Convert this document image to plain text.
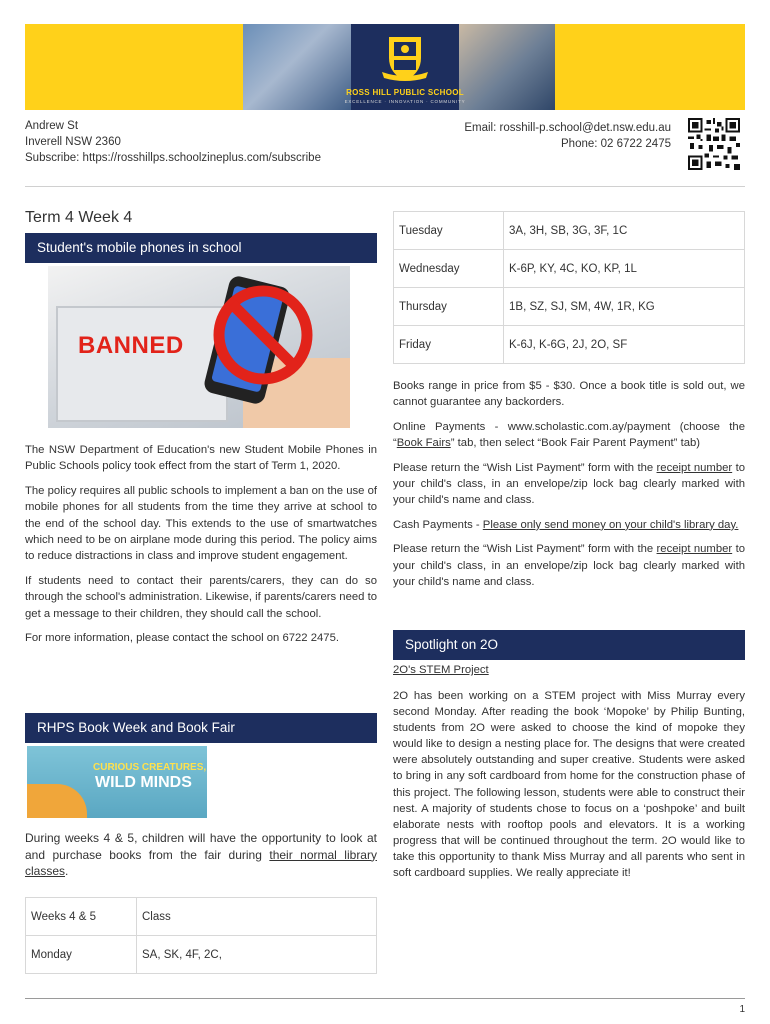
ROSS HILL PUBLIC SCHOOL
EXCELLENCE · INNOVATION · COMMUNITY
Andrew St
Inverell NSW 2360
Subscribe: https://rosshillps.schoolzineplus.com/subscribe
Email: rosshill-p.school@det.nsw.edu.au
Phone: 02 6722 2475
Term 4 Week 4
Student's mobile phones in school
BANNED

The NSW Department of Education's new Student Mobile Phones in Public Schools policy took effect from the start of Term 1, 2020.

The policy requires all public schools to implement a ban on the use of mobile phones for all students from the time they arrive at school to the end of the school day. This extends to the use of smartwatches which need to be on airplane mode during this period. The policy aims to reduce distractions in class and improve student engagement.

If students need to contact their parents/carers, they can do so through the school's administration. Likewise, if parents/carers need to get a message to their children, they should call the school.

For more information, please contact the school on 6722 2475.

RHPS Book Week and Book Fair
CURIOUS CREATURES,
WILD MINDS

During weeks 4 & 5, children will have the opportunity to look at and purchase books from the fair during their normal library classes.

Weeks 4 & 5	Class
Monday	SA, SK, 4F, 2C,
Tuesday	3A, 3H, SB, 3G, 3F, 1C
Wednesday	K-6P, KY, 4C, KO, KP, 1L
Thursday	1B, SZ, SJ, SM, 4W, 1R, KG
Friday	K-6J, K-6G, 2J, 2O, SF

Books range in price from $5 - $30. Once a book title is sold out, we cannot guarantee any backorders.

Online Payments - www.scholastic.com.ay/payment (choose the “Book Fairs” tab, then select “Book Fair Parent Payment” tab)

Please return the “Wish List Payment” form with the receipt number to your child's class, in an envelope/zip lock bag clearly marked with your child's name and class.

Cash Payments - Please only send money on your child's library day.

Please return the “Wish List Payment” form with the receipt number to your child's class, in an envelope/zip lock bag clearly marked with your child's name and class.

Spotlight on 2O
2O's STEM Project

2O has been working on a STEM project with Miss Murray every second Monday. After reading the book ‘Mopoke’ by Philip Bunting, students from 2O were asked to choose the kind of mopoke they would like to design a nesting place for. The designs that were created were absolutely outstanding and super creative. Students were asked to bring in any soft cardboard from home for the construction phase of this project. The following lesson, students were able to construct their nest. A majority of students chose to focus on a ‘poshpoke’ and built elaborate nests with rooftop pools and elevators. It is a working progress that will be continued throughout the term. 2O would like to take this opportunity to thank Miss Murray and all parents who sent in soft cardboard supplies. We really appreciate it!

1
